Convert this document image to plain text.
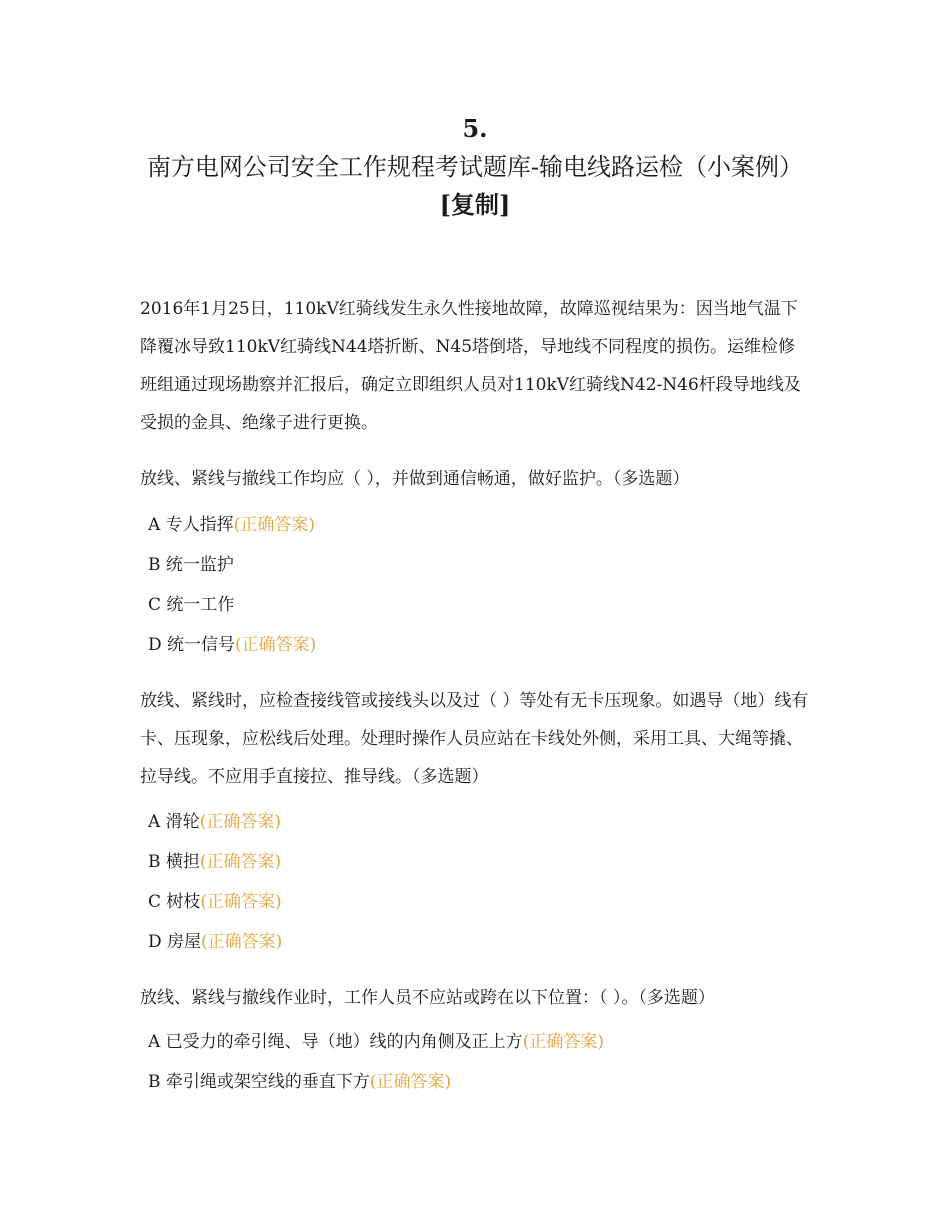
5.南方电网公司安全工作规程考试题库-输电线路运检（小案例）[复制]

2016年1月25日，110kV红骑线发生永久性接地故障，故障巡视结果为：因当地气温下降覆冰导致110kV红骑线N44塔折断、N45塔倒塔，导地线不同程度的损伤。运维检修班组通过现场勘察并汇报后，确定立即组织人员对110kV红骑线N42-N46杆段导地线及受损的金具、绝缘子进行更换。

放线、紧线与撤线工作均应（ ），并做到通信畅通，做好监护。（多选题）

A 专人指挥(正确答案)
B 统一监护
C 统一工作
D 统一信号(正确答案)

放线、紧线时，应检查接线管或接线头以及过（ ）等处有无卡压现象。如遇导（地）线有卡、压现象，应松线后处理。处理时操作人员应站在卡线处外侧，采用工具、大绳等撬、拉导线。不应用手直接拉、推导线。（多选题）

A 滑轮(正确答案)
B 横担(正确答案)
C 树枝(正确答案)
D 房屋(正确答案)

放线、紧线与撤线作业时，工作人员不应站或跨在以下位置：（ ）。（多选题）

A 已受力的牵引绳、导（地）线的内角侧及正上方(正确答案)
B 牵引绳或架空线的垂直下方(正确答案)
